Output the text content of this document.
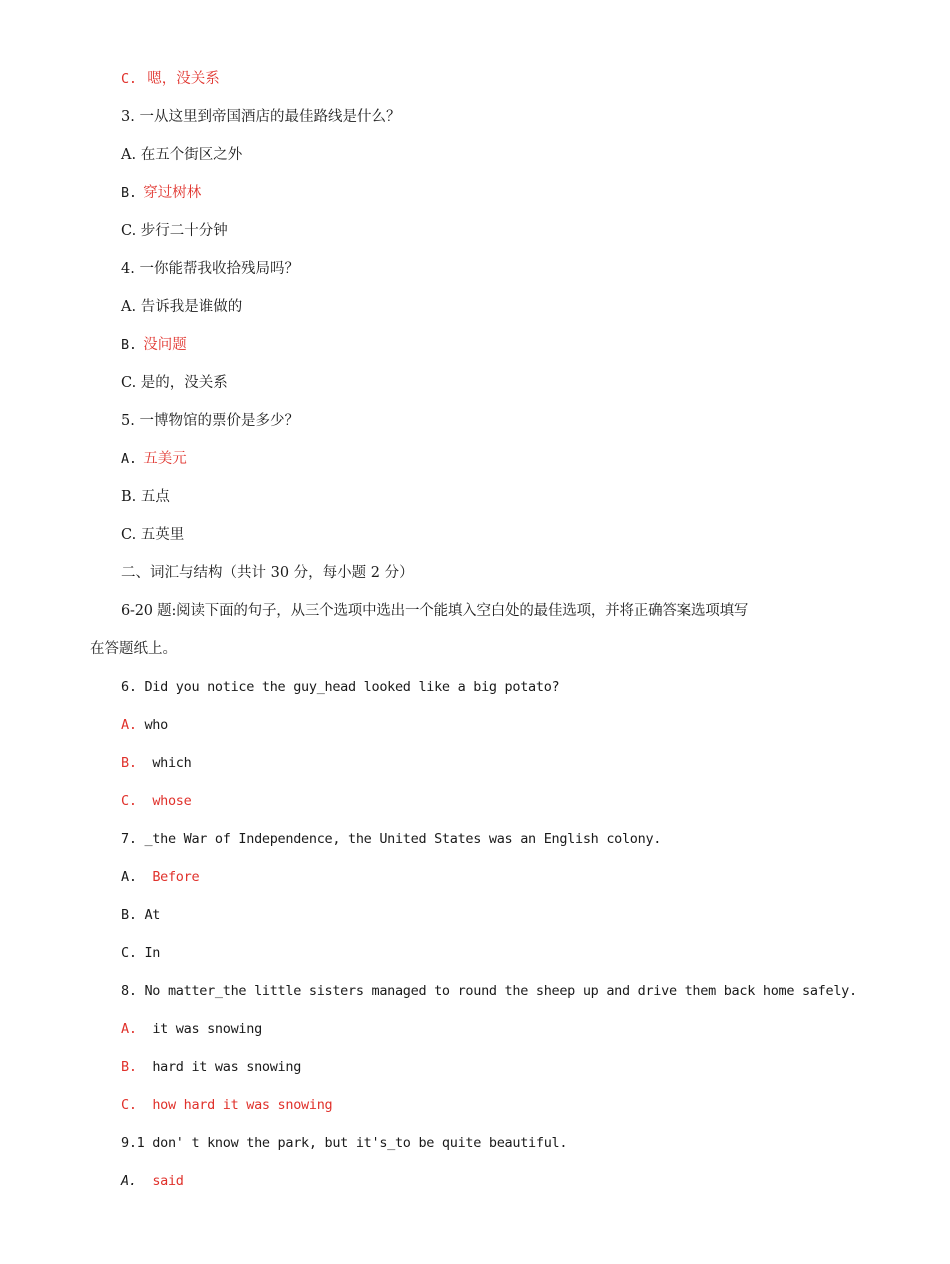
C. 嗯，没关系
3. 一从这里到帝国酒店的最佳路线是什么？
A. 在五个街区之外
B. 穿过树林
C. 步行二十分钟
4. 一你能帮我收拾残局吗？
A. 告诉我是谁做的
B. 没问题
C. 是的，没关系
5. 一博物馆的票价是多少？
A. 五美元
B. 五点
C. 五英里
二、词汇与结构（共计 30 分，每小题 2 分）
6-20 题:阅读下面的句子，从三个选项中选出一个能填入空白处的最佳选项，并将正确答案选项填写
在答题纸上。
6. Did you notice the guy_head looked like a big potato?
A. who
B. which
C. whose
7. _the War of Independence, the United States was an English colony.
A. Before
B. At
C. In
8. No matter_the little sisters managed to round the sheep up and drive them back home safely.
A. it was snowing
B. hard it was snowing
C. how hard it was snowing
9.1 don' t know the park, but it's_to be quite beautiful.
A. said
